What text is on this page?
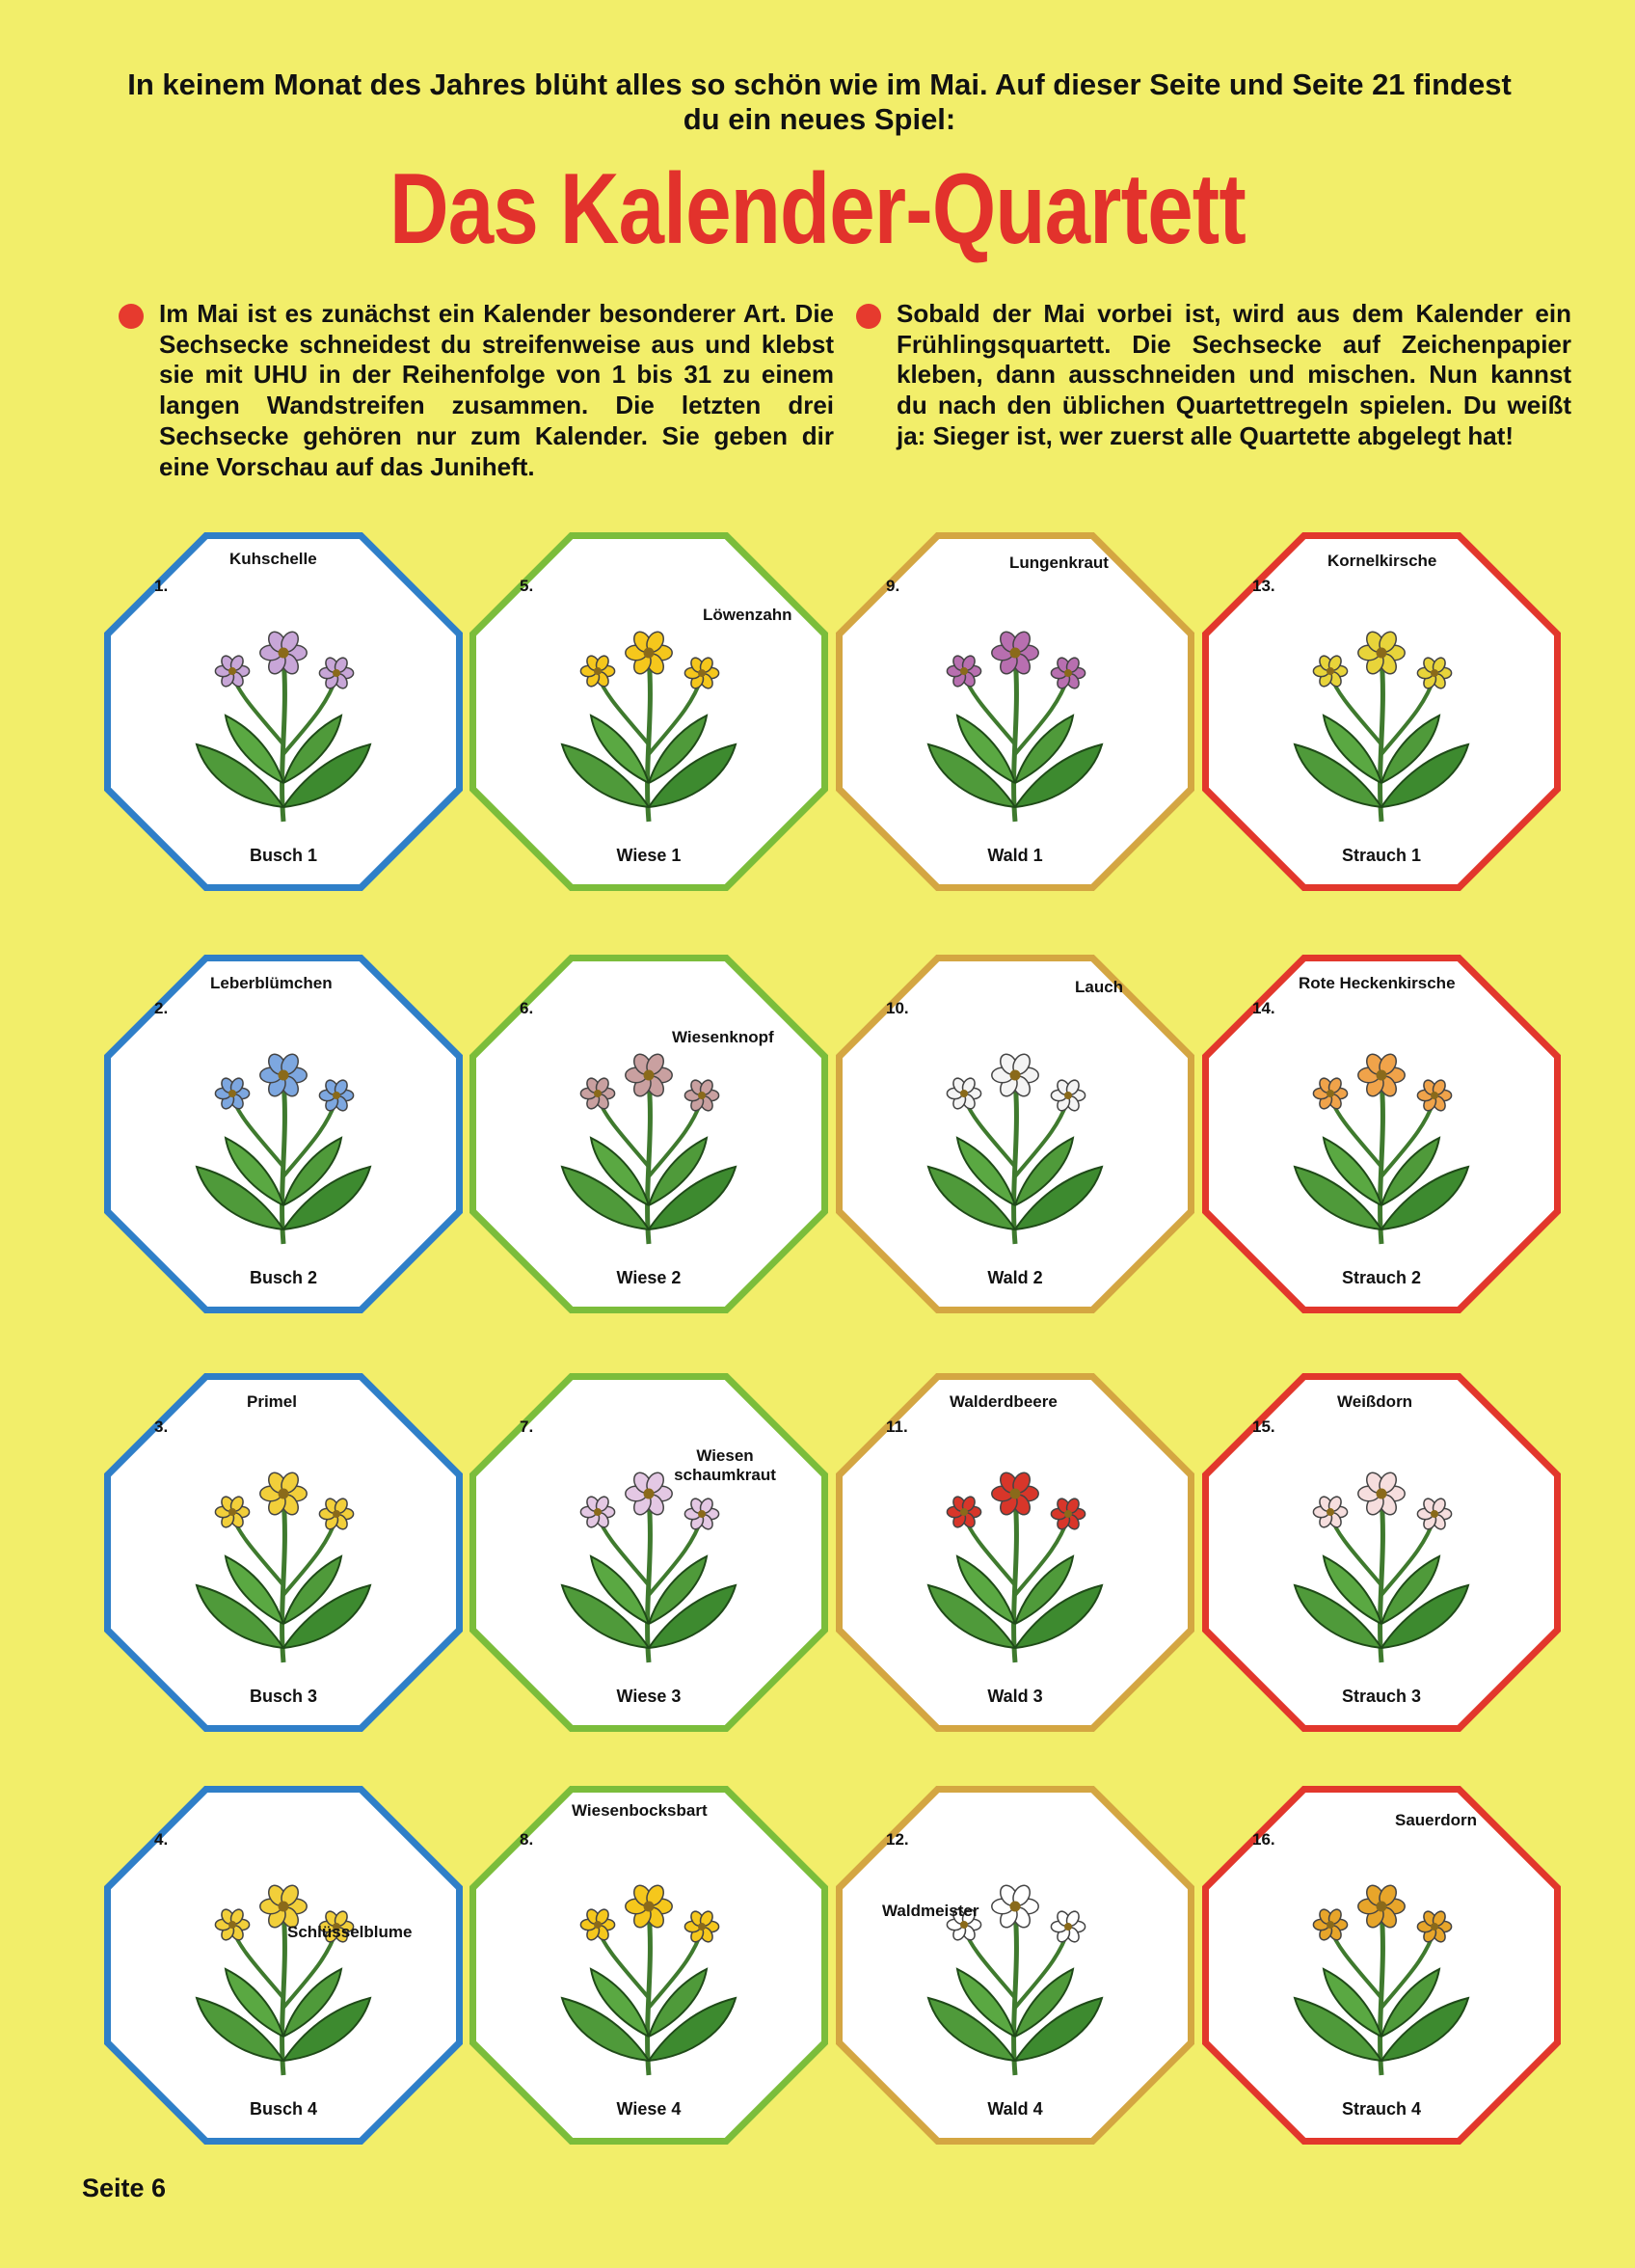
In keinem Monat des Jahres blüht alles so schön wie im Mai. Auf dieser Seite und Seite 21 findest du ein neues Spiel:
Das Kalender-Quartett
Im Mai ist es zunächst ein Kalender besonderer Art. Die Sechsecke schneidest du streifenweise aus und klebst sie mit UHU in der Reihenfolge von 1 bis 31 zu einem langen Wandstreifen zusammen. Die letzten drei Sechsecke gehören nur zum Kalender. Sie geben dir eine Vorschau auf das Juniheft.
Sobald der Mai vorbei ist, wird aus dem Kalender ein Frühlingsquartett. Die Sechsecke auf Zeichenpapier kleben, dann ausschneiden und mischen. Nun kannst du nach den üblichen Quartettregeln spielen. Du weißt ja: Sieger ist, wer zuerst alle Quartette abgelegt hat!
1.
Kuhschelle
Busch 1
5.
Löwenzahn
Wiese 1
9.
Lungenkraut
Wald 1
13.
Kornelkirsche
Strauch 1
2.
Leberblümchen
Busch 2
6.
Wiesenknopf
Wiese 2
10.
Lauch
Wald 2
14.
Rote Heckenkirsche
Strauch 2
3.
Primel
Busch 3
7.
Wiesen schaumkraut
Wiese 3
11.
Walderdbeere
Wald 3
15.
Weißdorn
Strauch 3
4.
Schlüsselblume
Busch 4
8.
Wiesenbocksbart
Wiese 4
12.
Waldmeister
Wald 4
16.
Sauerdorn
Strauch 4
Seite 6
